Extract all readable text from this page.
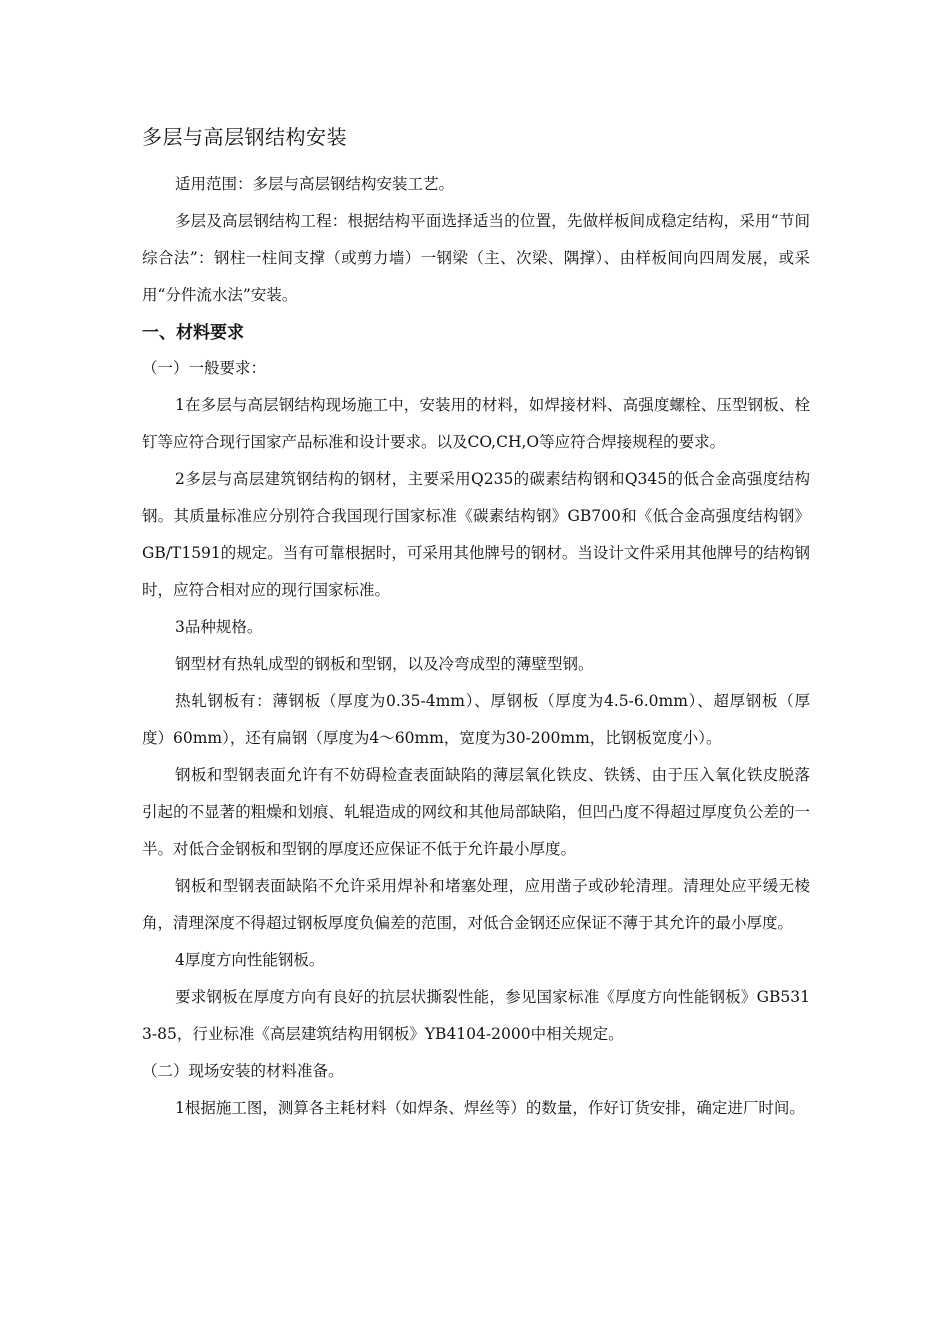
多层与高层钢结构安装

适用范围：多层与高层钢结构安装工艺。

多层及高层钢结构工程：根据结构平面选择适当的位置，先做样板间成稳定结构，采用“节间综合法”：钢柱一柱间支撑（或剪力墙）一钢梁（主、次梁、隅撑）、由样板间向四周发展，或采用“分件流水法”安装。

一、材料要求

（一）一般要求：

1在多层与高层钢结构现场施工中，安装用的材料，如焊接材料、高强度螺栓、压型钢板、栓钉等应符合现行国家产品标准和设计要求。以及CO,CH,O等应符合焊接规程的要求。

2多层与高层建筑钢结构的钢材，主要采用Q235的碳素结构钢和Q345的低合金高强度结构钢。其质量标准应分别符合我国现行国家标准《碳素结构钢》GB700和《低合金高强度结构钢》GB/T1591的规定。当有可靠根据时，可采用其他牌号的钢材。当设计文件采用其他牌号的结构钢时，应符合相对应的现行国家标准。

3品种规格。

钢型材有热轧成型的钢板和型钢，以及冷弯成型的薄壁型钢。

热轧钢板有：薄钢板（厚度为0.35-4mm）、厚钢板（厚度为4.5-6.0mm）、超厚钢板（厚度）60mm），还有扁钢（厚度为4～60mm，宽度为30-200mm，比钢板宽度小）。

钢板和型钢表面允许有不妨碍检查表面缺陷的薄层氧化铁皮、铁锈、由于压入氧化铁皮脱落引起的不显著的粗燥和划痕、轧辊造成的网纹和其他局部缺陷，但凹凸度不得超过厚度负公差的一半。对低合金钢板和型钢的厚度还应保证不低于允许最小厚度。

钢板和型钢表面缺陷不允许采用焊补和堵塞处理，应用凿子或砂轮清理。清理处应平缓无棱角，清理深度不得超过钢板厚度负偏差的范围，对低合金钢还应保证不薄于其允许的最小厚度。

4厚度方向性能钢板。

要求钢板在厚度方向有良好的抗层状撕裂性能，参见国家标准《厚度方向性能钢板》GB5313-85，行业标准《高层建筑结构用钢板》YB4104-2000中相关规定。

（二）现场安装的材料准备。

1根据施工图，测算各主耗材料（如焊条、焊丝等）的数量，作好订货安排，确定进厂时间。
